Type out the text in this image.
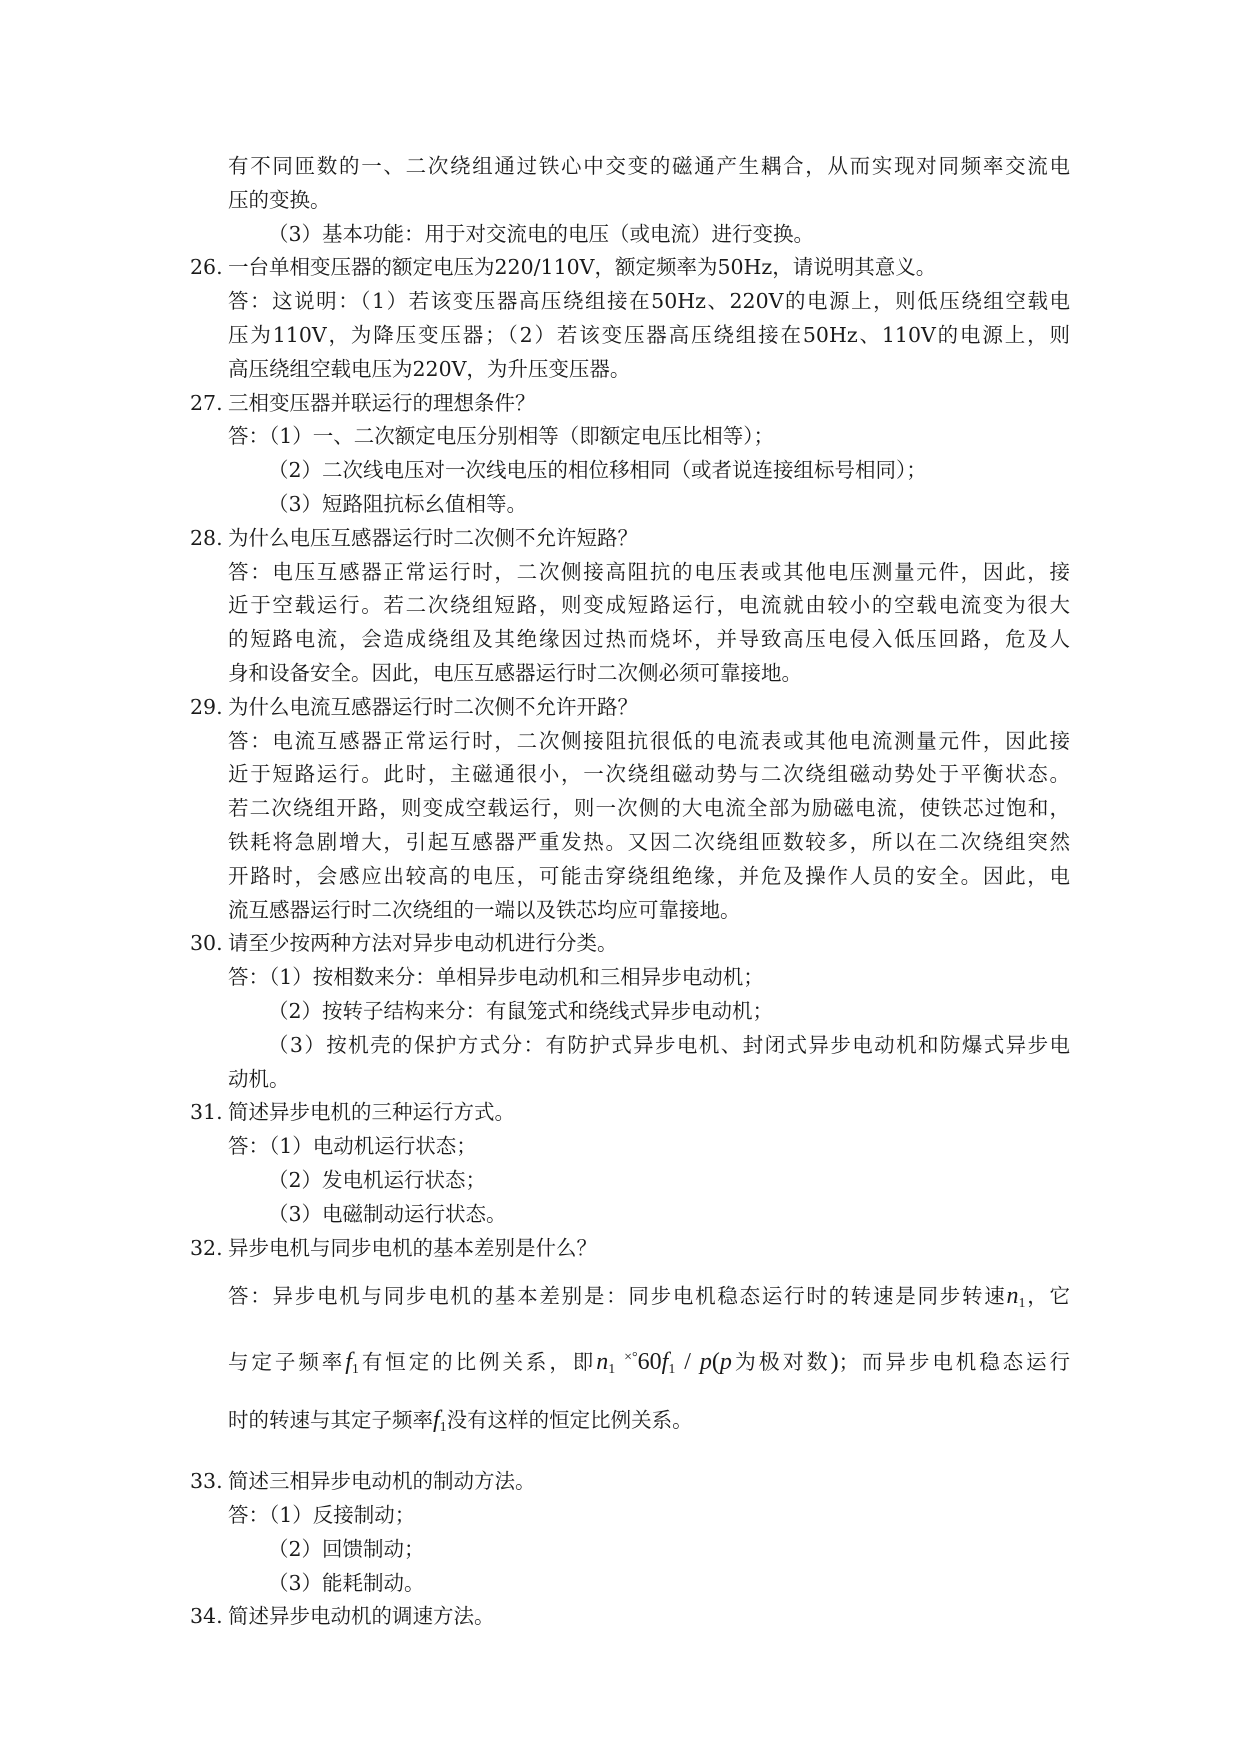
有不同匝数的一、二次绕组通过铁心中交变的磁通产生耦合，从而实现对同频率交流电
压的变换。
（3）基本功能：用于对交流电的电压（或电流）进行变换。
26. 一台单相变压器的额定电压为220/110V，额定频率为50Hz，请说明其意义。
答：这说明：（1）若该变压器高压绕组接在50Hz、220V的电源上，则低压绕组空载电
压为110V，为降压变压器；（2）若该变压器高压绕组接在50Hz、110V的电源上，则
高压绕组空载电压为220V，为升压变压器。
27. 三相变压器并联运行的理想条件？
答：（1）一、二次额定电压分别相等（即额定电压比相等）；
（2）二次线电压对一次线电压的相位移相同（或者说连接组标号相同）；
（3）短路阻抗标幺值相等。
28. 为什么电压互感器运行时二次侧不允许短路？
答：电压互感器正常运行时，二次侧接高阻抗的电压表或其他电压测量元件，因此，接
近于空载运行。若二次绕组短路，则变成短路运行，电流就由较小的空载电流变为很大
的短路电流，会造成绕组及其绝缘因过热而烧坏，并导致高压电侵入低压回路，危及人
身和设备安全。因此，电压互感器运行时二次侧必须可靠接地。
29. 为什么电流互感器运行时二次侧不允许开路？
答：电流互感器正常运行时，二次侧接阻抗很低的电流表或其他电流测量元件，因此接
近于短路运行。此时，主磁通很小，一次绕组磁动势与二次绕组磁动势处于平衡状态。
若二次绕组开路，则变成空载运行，则一次侧的大电流全部为励磁电流，使铁芯过饱和，
铁耗将急剧增大，引起互感器严重发热。又因二次绕组匝数较多，所以在二次绕组突然
开路时，会感应出较高的电压，可能击穿绕组绝缘，并危及操作人员的安全。因此，电
流互感器运行时二次绕组的一端以及铁芯均应可靠接地。
30. 请至少按两种方法对异步电动机进行分类。
答：（1）按相数来分：单相异步电动机和三相异步电动机；
（2）按转子结构来分：有鼠笼式和绕线式异步电动机；
（3）按机壳的保护方式分：有防护式异步电机、封闭式异步电动机和防爆式异步电
动机。
31. 简述异步电机的三种运行方式。
答：（1）电动机运行状态；
（2）发电机运行状态；
（3）电磁制动运行状态。
32. 异步电机与同步电机的基本差别是什么？
答：异步电机与同步电机的基本差别是：同步电机稳态运行时的转速是同步转速$n_1$，它
与定子频率$f_1$有恒定的比例关系，即$n_1$ $^{\times^\circ}60f_1 / p(p$为极对数)；而异步电机稳态运行
时的转速与其定子频率$f_1$没有这样的恒定比例关系。
33. 简述三相异步电动机的制动方法。
答：（1）反接制动；
（2）回馈制动；
（3）能耗制动。
34. 简述异步电动机的调速方法。
